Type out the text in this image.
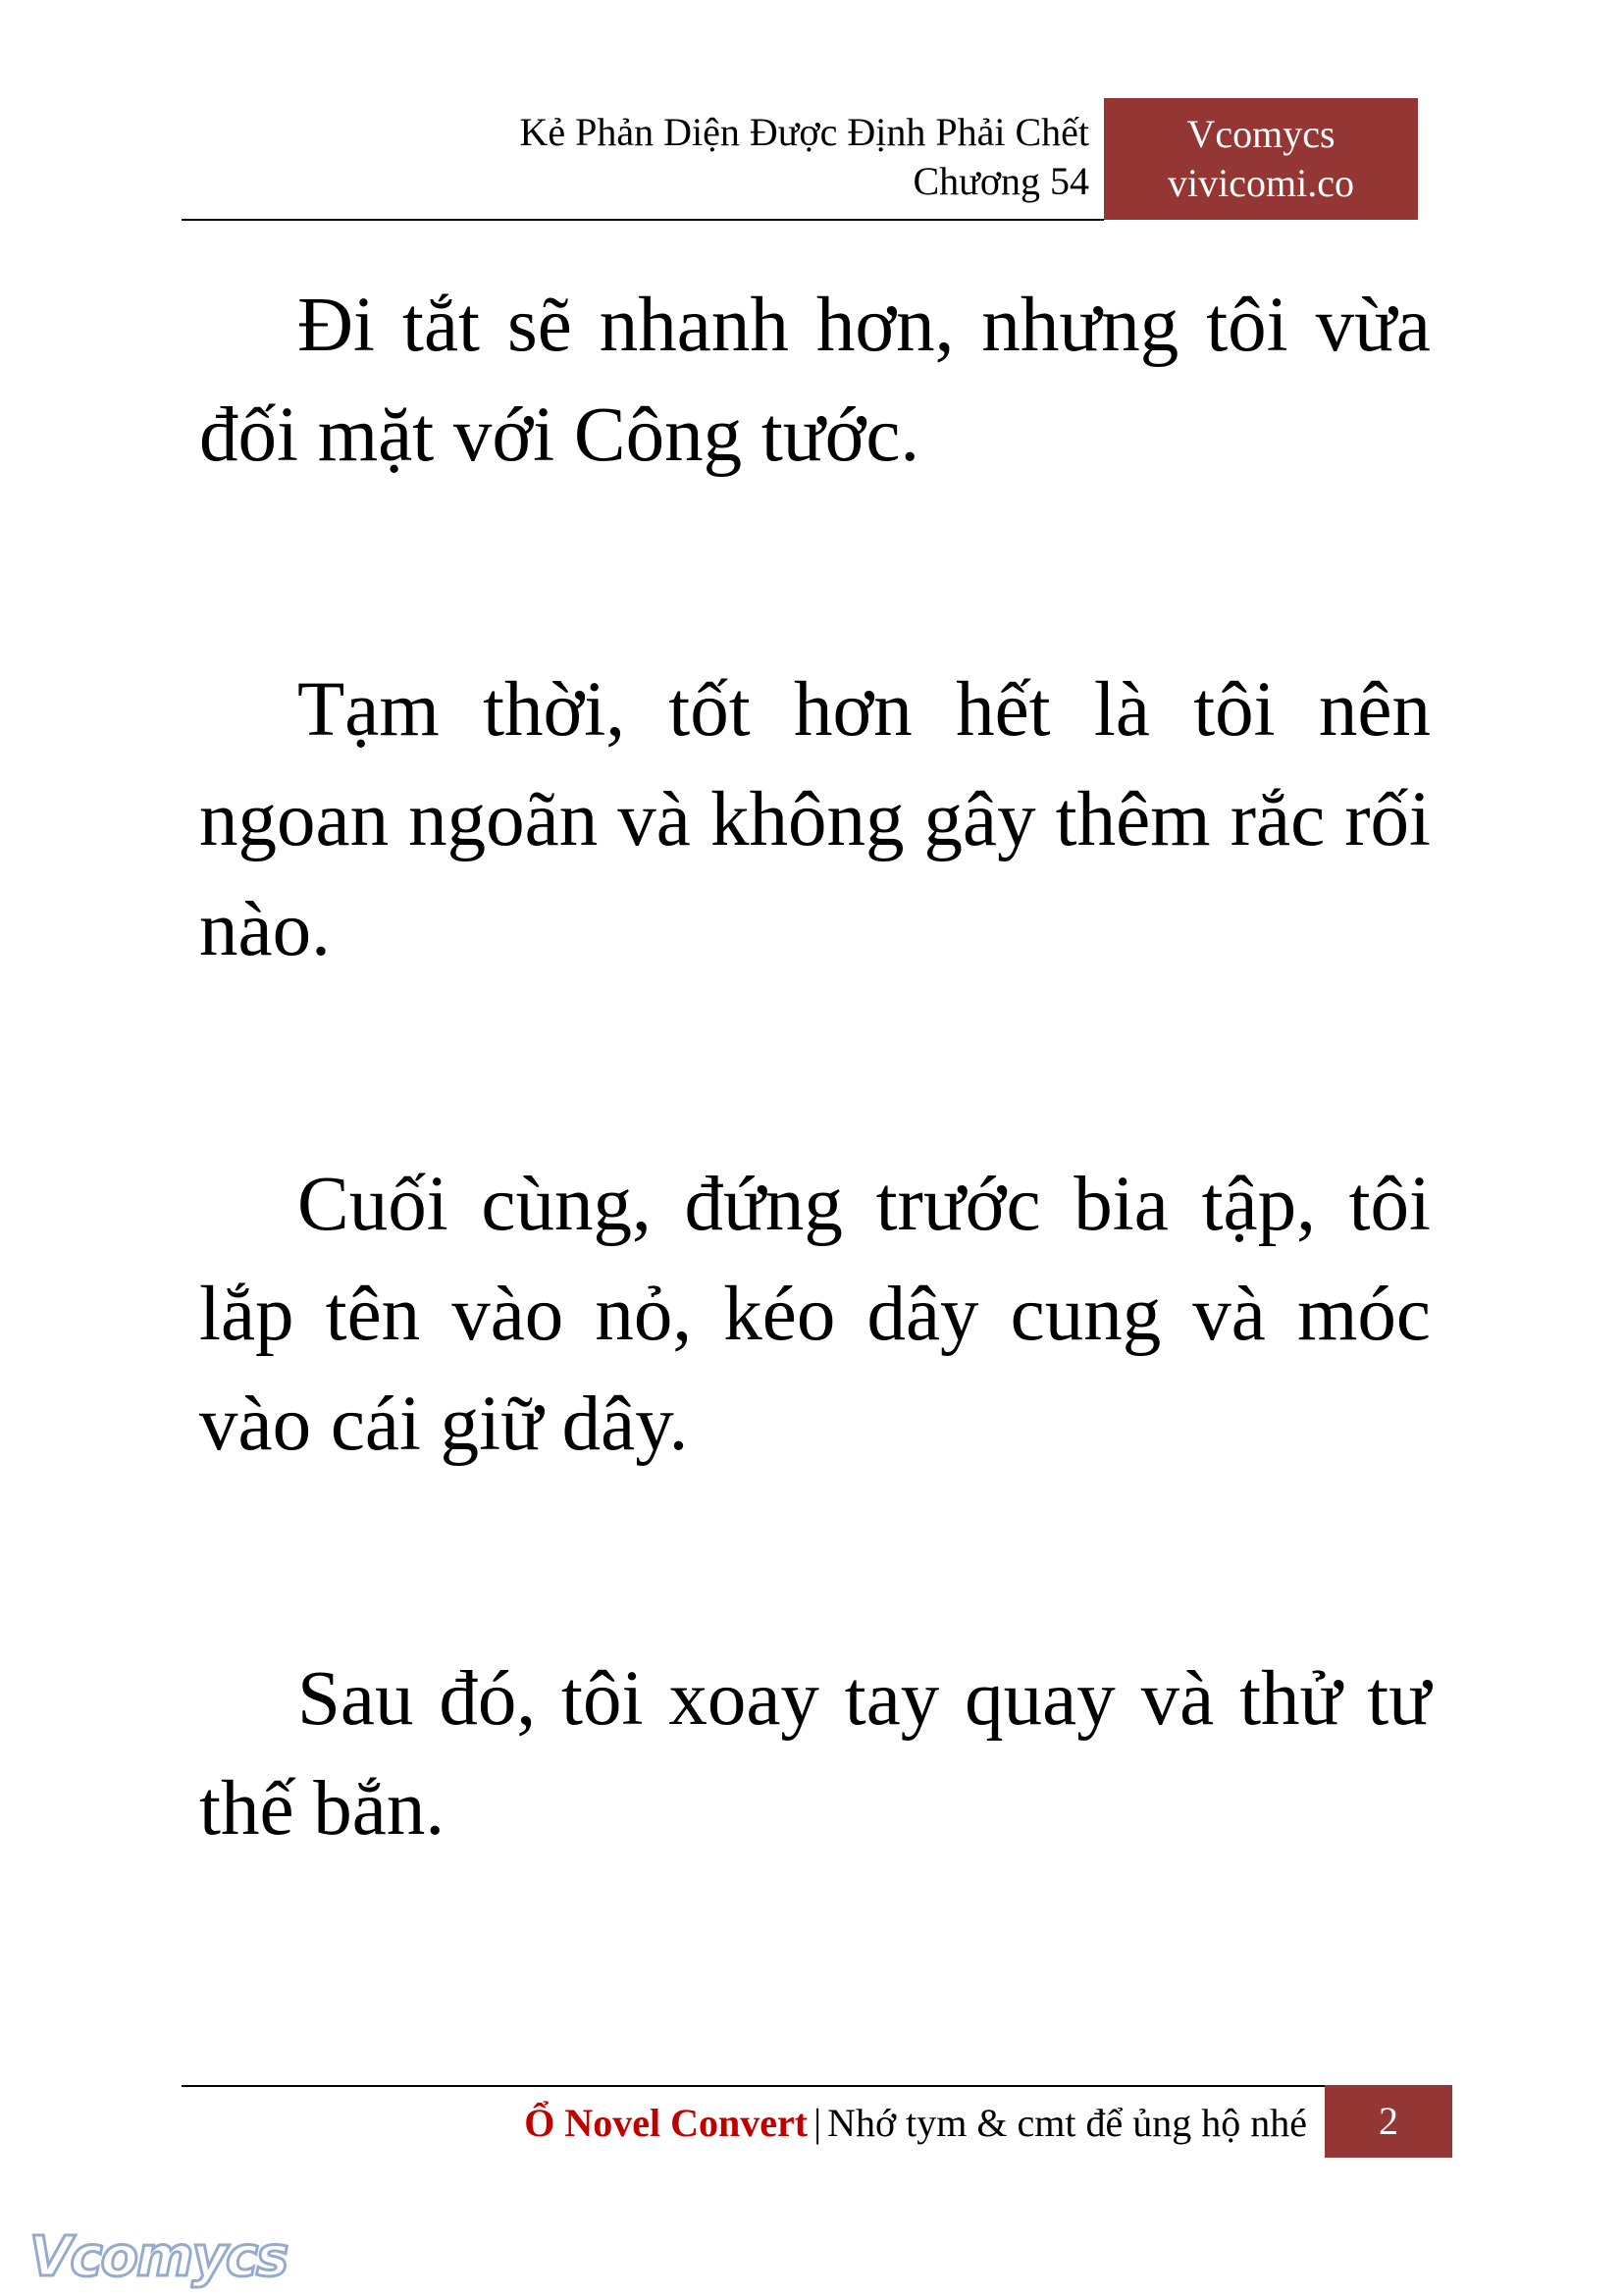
Kẻ Phản Diện Được Định Phải Chết
Chương 54
Vcomycs
vivicomi.co

Đi tắt sẽ nhanh hơn, nhưng tôi vừa đối mặt với Công tước.

Tạm thời, tốt hơn hết là tôi nên ngoan ngoãn và không gây thêm rắc rối nào.

Cuối cùng, đứng trước bia tập, tôi lắp tên vào nỏ, kéo dây cung và móc vào cái giữ dây.

Sau đó, tôi xoay tay quay và thử tư thế bắn.

Ổ Novel Convert | Nhớ tym & cmt để ủng hộ nhé	2
Vcomycs
